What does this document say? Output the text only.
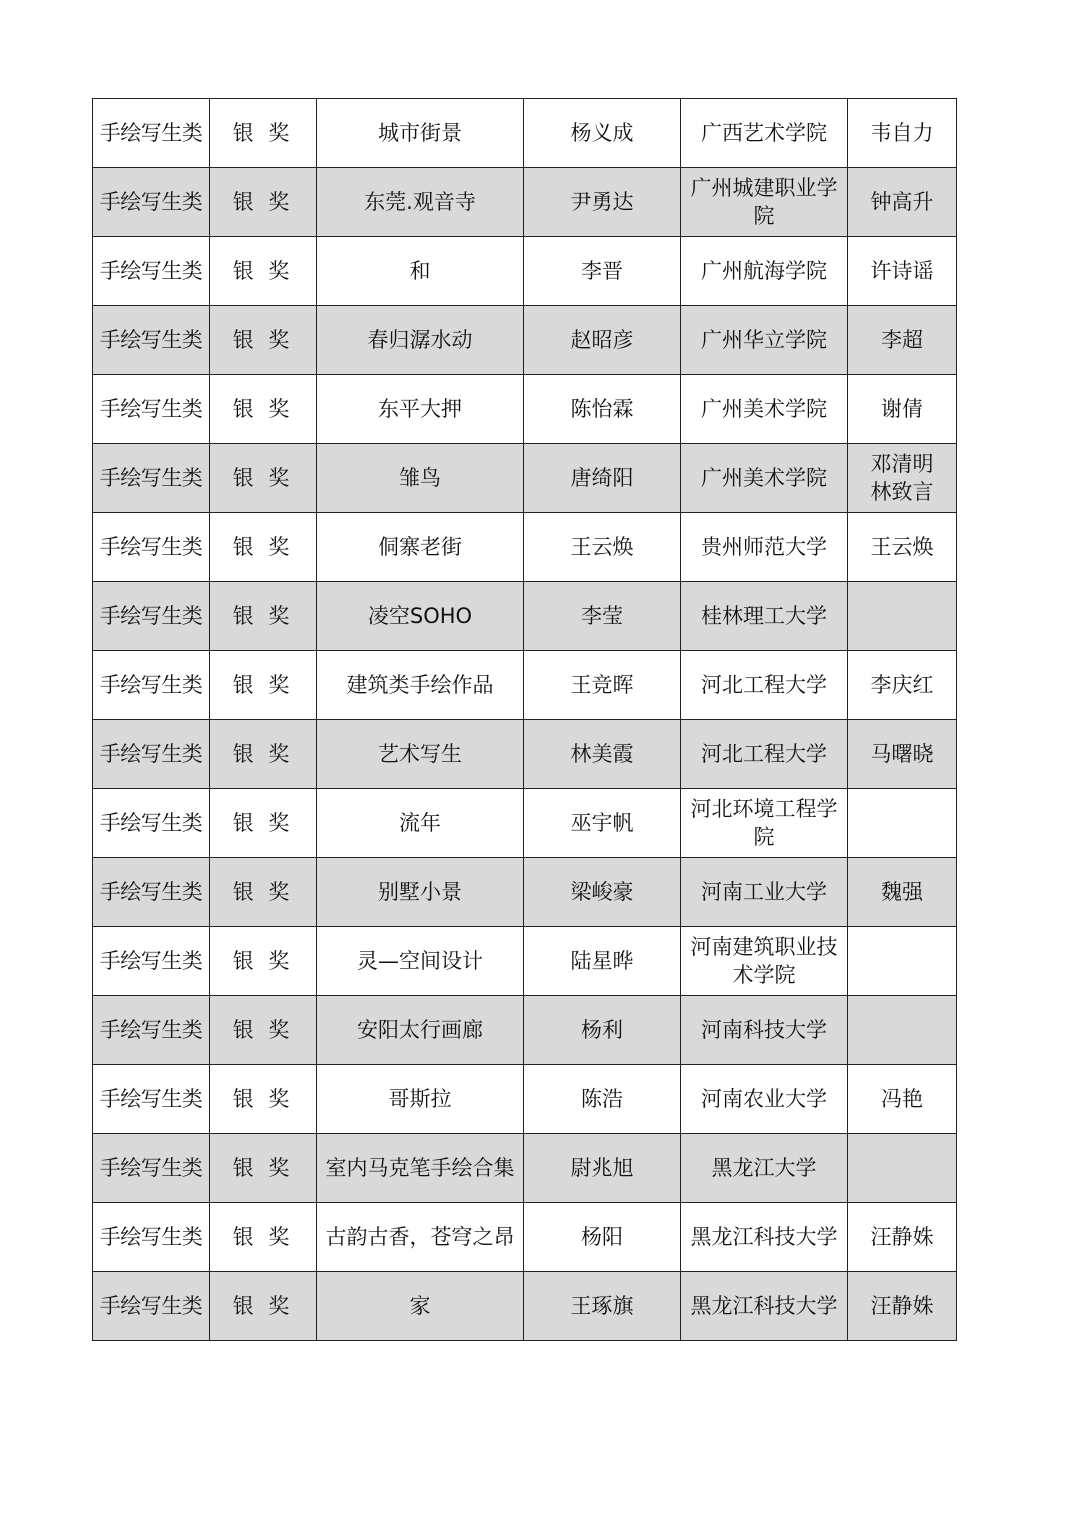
手绘写生类	银 奖	城市街景	杨义成	广西艺术学院	韦自力

手绘写生类	银 奖	东莞.观音寺	尹勇达	广州城建职业学
院	钟高升

手绘写生类	银 奖	和	李晋	广州航海学院	许诗谣

手绘写生类	银 奖	春归潺水动	赵昭彦	广州华立学院	李超

手绘写生类	银 奖	东平大押	陈怡霖	广州美术学院	谢倩

手绘写生类	银 奖	雏鸟	唐绮阳	广州美术学院	邓清明
林致言

手绘写生类	银 奖	侗寨老街	王云焕	贵州师范大学	王云焕

手绘写生类	银 奖	凌空SOHO	李莹	桂林理工大学	

手绘写生类	银 奖	建筑类手绘作品	王竞晖	河北工程大学	李庆红

手绘写生类	银 奖	艺术写生	林美霞	河北工程大学	马曙晓

手绘写生类	银 奖	流年	巫宇帆	河北环境工程学
院	

手绘写生类	银 奖	别墅小景	梁峻豪	河南工业大学	魏强

手绘写生类	银 奖	灵—空间设计	陆星晔	河南建筑职业技
术学院	

手绘写生类	银 奖	安阳太行画廊	杨利	河南科技大学	

手绘写生类	银 奖	哥斯拉	陈浩	河南农业大学	冯艳

手绘写生类	银 奖	室内马克笔手绘合集	尉兆旭	黑龙江大学	

手绘写生类	银 奖	古韵古香，苍穹之昂	杨阳	黑龙江科技大学	汪静姝

手绘写生类	银 奖	家	王琢旗	黑龙江科技大学	汪静姝
